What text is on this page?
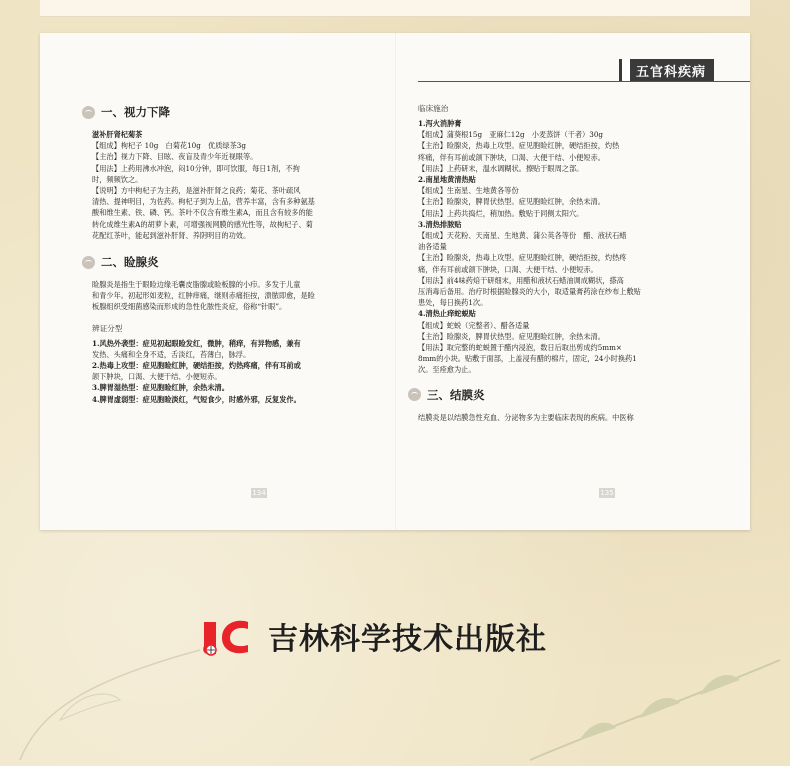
一、视力下降
滋补肝肾杞菊茶
【组成】枸杞子 10g　白菊花10g　优质绿茶3g
【主治】视力下降、目眩、夜盲及青少年近视眼等。
【用法】上药用沸水冲泡，闷10分钟，即可饮服，每日1剂，不拘
时，频频饮之。
【说明】方中枸杞子为主药，是滋补肝肾之良药；菊花、茶叶疏风
清热、提神明目，为佐药。枸杞子到为上品，营养丰富，含有多种氨基
酸和维生素、铁、磷、钙。茶叶不仅含有维生素A，而且含有较多的能
转化成维生素A的胡萝卜素，可增强视网膜的感光性等，故枸杞子、菊
花配红茶叶，能起到滋补肝肾、养阴明目的功效。
二、睑腺炎
睑腺炎是指生于眼睑边缘毛囊皮脂腺或睑板腺的小疖。多发于儿童
和青少年。初起形如麦粒，红肿痒痛，继则赤痛拒按，溃脓即愈，是睑
板腺组织受细菌感染而形成的急性化脓性炎症，俗称“针眼”。
辨证分型
1.风热外袭型：症见初起眼睑发红，微肿，稍痒，有异物感，兼有
发热、头痛和全身不适，舌淡红，苔薄白，脉浮。
2.热毒上攻型：症见胞睑红肿，硬结拒按，灼热疼痛，伴有耳前或
颌下肿块，口渴、大便干结、小便短赤。
3.脾胃湿热型：症见胞睑红肿，余热未清。
4.脾胃虚弱型：症见胞睑淡红，气短食少，时感外邪，反复发作。
134
五官科疾病
临床施治
1.泻火消肿膏
【组成】蒲葵根15g　亚麻仁12g　小麦蒸饼（干者）30g
【主治】睑腺炎，热毒上攻型。症见胞睑红肿，硬结拒按，灼热
疼痛，伴有耳前或颌下肿块，口渴、大便干结、小便短赤。
【用法】上药研末，温水调糊状。擦贴于眼周之部。
2.南星地黄清热贴
【组成】生南星、生地黄各等份
【主治】睑腺炎，脾胃伏热型。症见胞睑红肿，余热未清。
【用法】上药共捣烂，稍加热。敷贴于同侧太阳穴。
3.清热排脓贴
【组成】天花粉、天南星、生地黄、蒲公英各等份　醋、液状石蜡
油各适量
【主治】睑腺炎，热毒上攻型。症见胞睑红肿，硬结拒按，灼热疼
痛，伴有耳前或颌下肿块，口渴、大便干结、小便短赤。
【用法】前4味药焙干研细末，用醋和液状石蜡油调成糊状，搽高
压消毒后备用。治疗时根据睑腺炎的大小，取适量膏药涂在纱布上敷贴
患处，每日换药1次。
4.清热止痒蛇蜕贴
【组成】蛇蜕（完整者）、醋各适量
【主治】睑腺炎，脾胃伏热型。症见胞睑红肿，余热未清。
【用法】取完整的蛇蜕置于醋内浸泡，数日后取出剪成约5mm×
8mm的小块。贴敷于面部，上盖浸有醋的棉片，固定，24小时换药1
次。至痊愈为止。
三、结膜炎
结膜炎是以结膜急性充血、分泌物多为主要临床表现的疾病。中医称
135
吉林科学技术出版社
